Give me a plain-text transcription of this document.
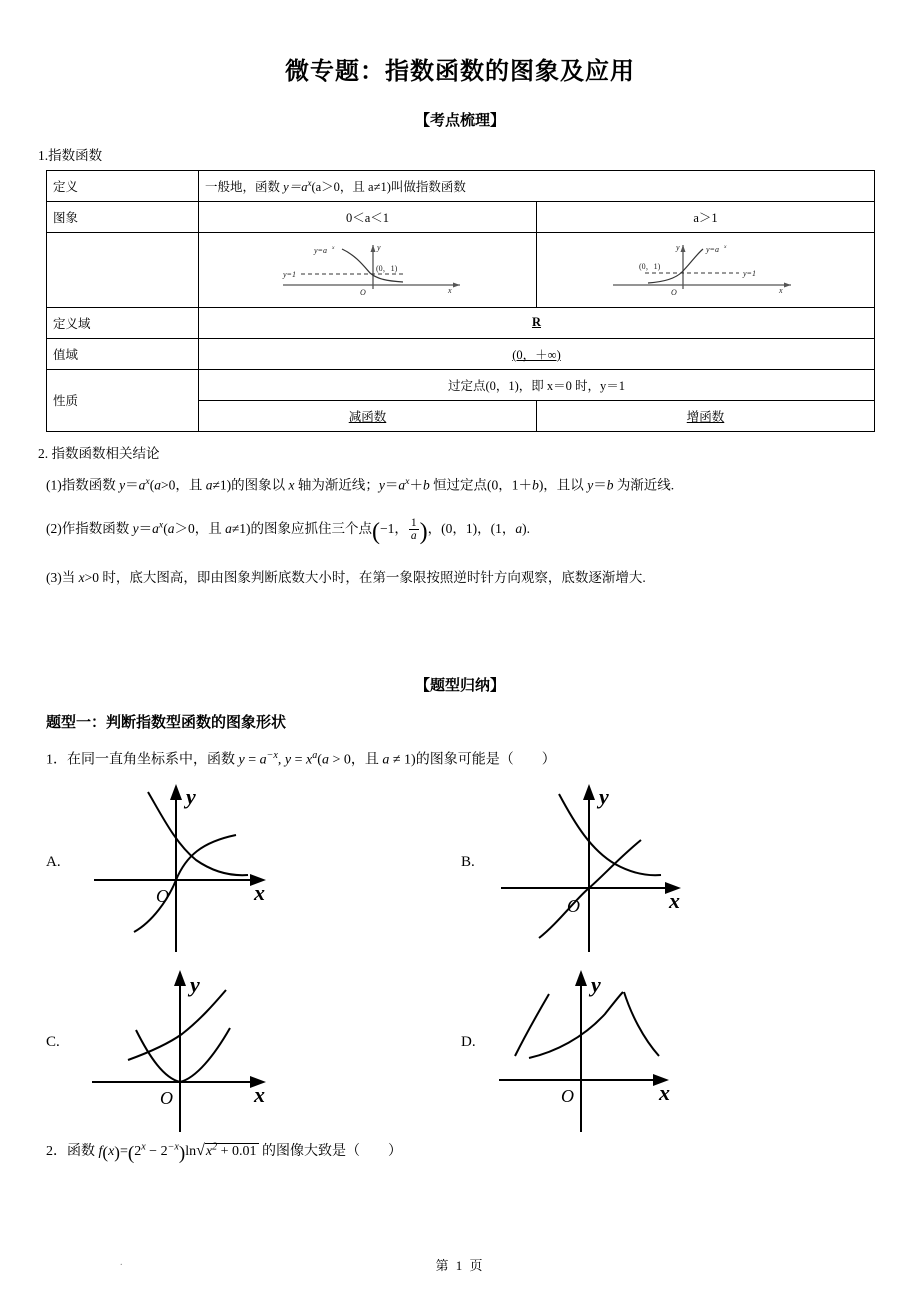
微专题：指数函数的图象及应用
【考点梳理】
1.指数函数
定义	一般地，函数 $y=a^x(a>0$，且 a≠1)叫做指数函数	
图象	0＜a＜1	a＞1

y=a x	y
(0，1)
y=1
O	x

y=a x
y
(0，1)
y=1
O	x

定义域	R	
值域	(0，＋∞)	
性质	过定点(0，1)，即 x＝0 时，y＝1	
	减函数	增函数
2. 指数函数相关结论
(1)指数函数 $y=a^x(a>0$，且 a≠1)的图象以 x 轴为渐近线；$y=a^x+b$ 恒过定点(0，1＋b)，且以 y＝b 为渐近线.
(2)作指数函数 $y=a^x(a>0$，且 a≠1)的图象应抓住三个点(−1， $\frac{1}{a}$ )，(0，1)，(1，a).
(3)当 x>0 时，底大图高，即由图象判断底数大小时，在第一象限按照逆时针方向观察，底数逐渐增大.
【题型归纳】
题型一：判断指数型函数的图象形状
1．在同一直角坐标系中，函数 $y = a^{-x}$, $y = x^a(a > 0$，且 a ≠ 1)的图象可能是（        ）
A.
y
x
O
B.
y
x
O
C.
y
x
O
D.
y
x
O
2．函数 $f(x)=(2^x - 2^{-x})\ln√x^2 + 0.01$ 的图像大致是（        ）
.	第 1 页
